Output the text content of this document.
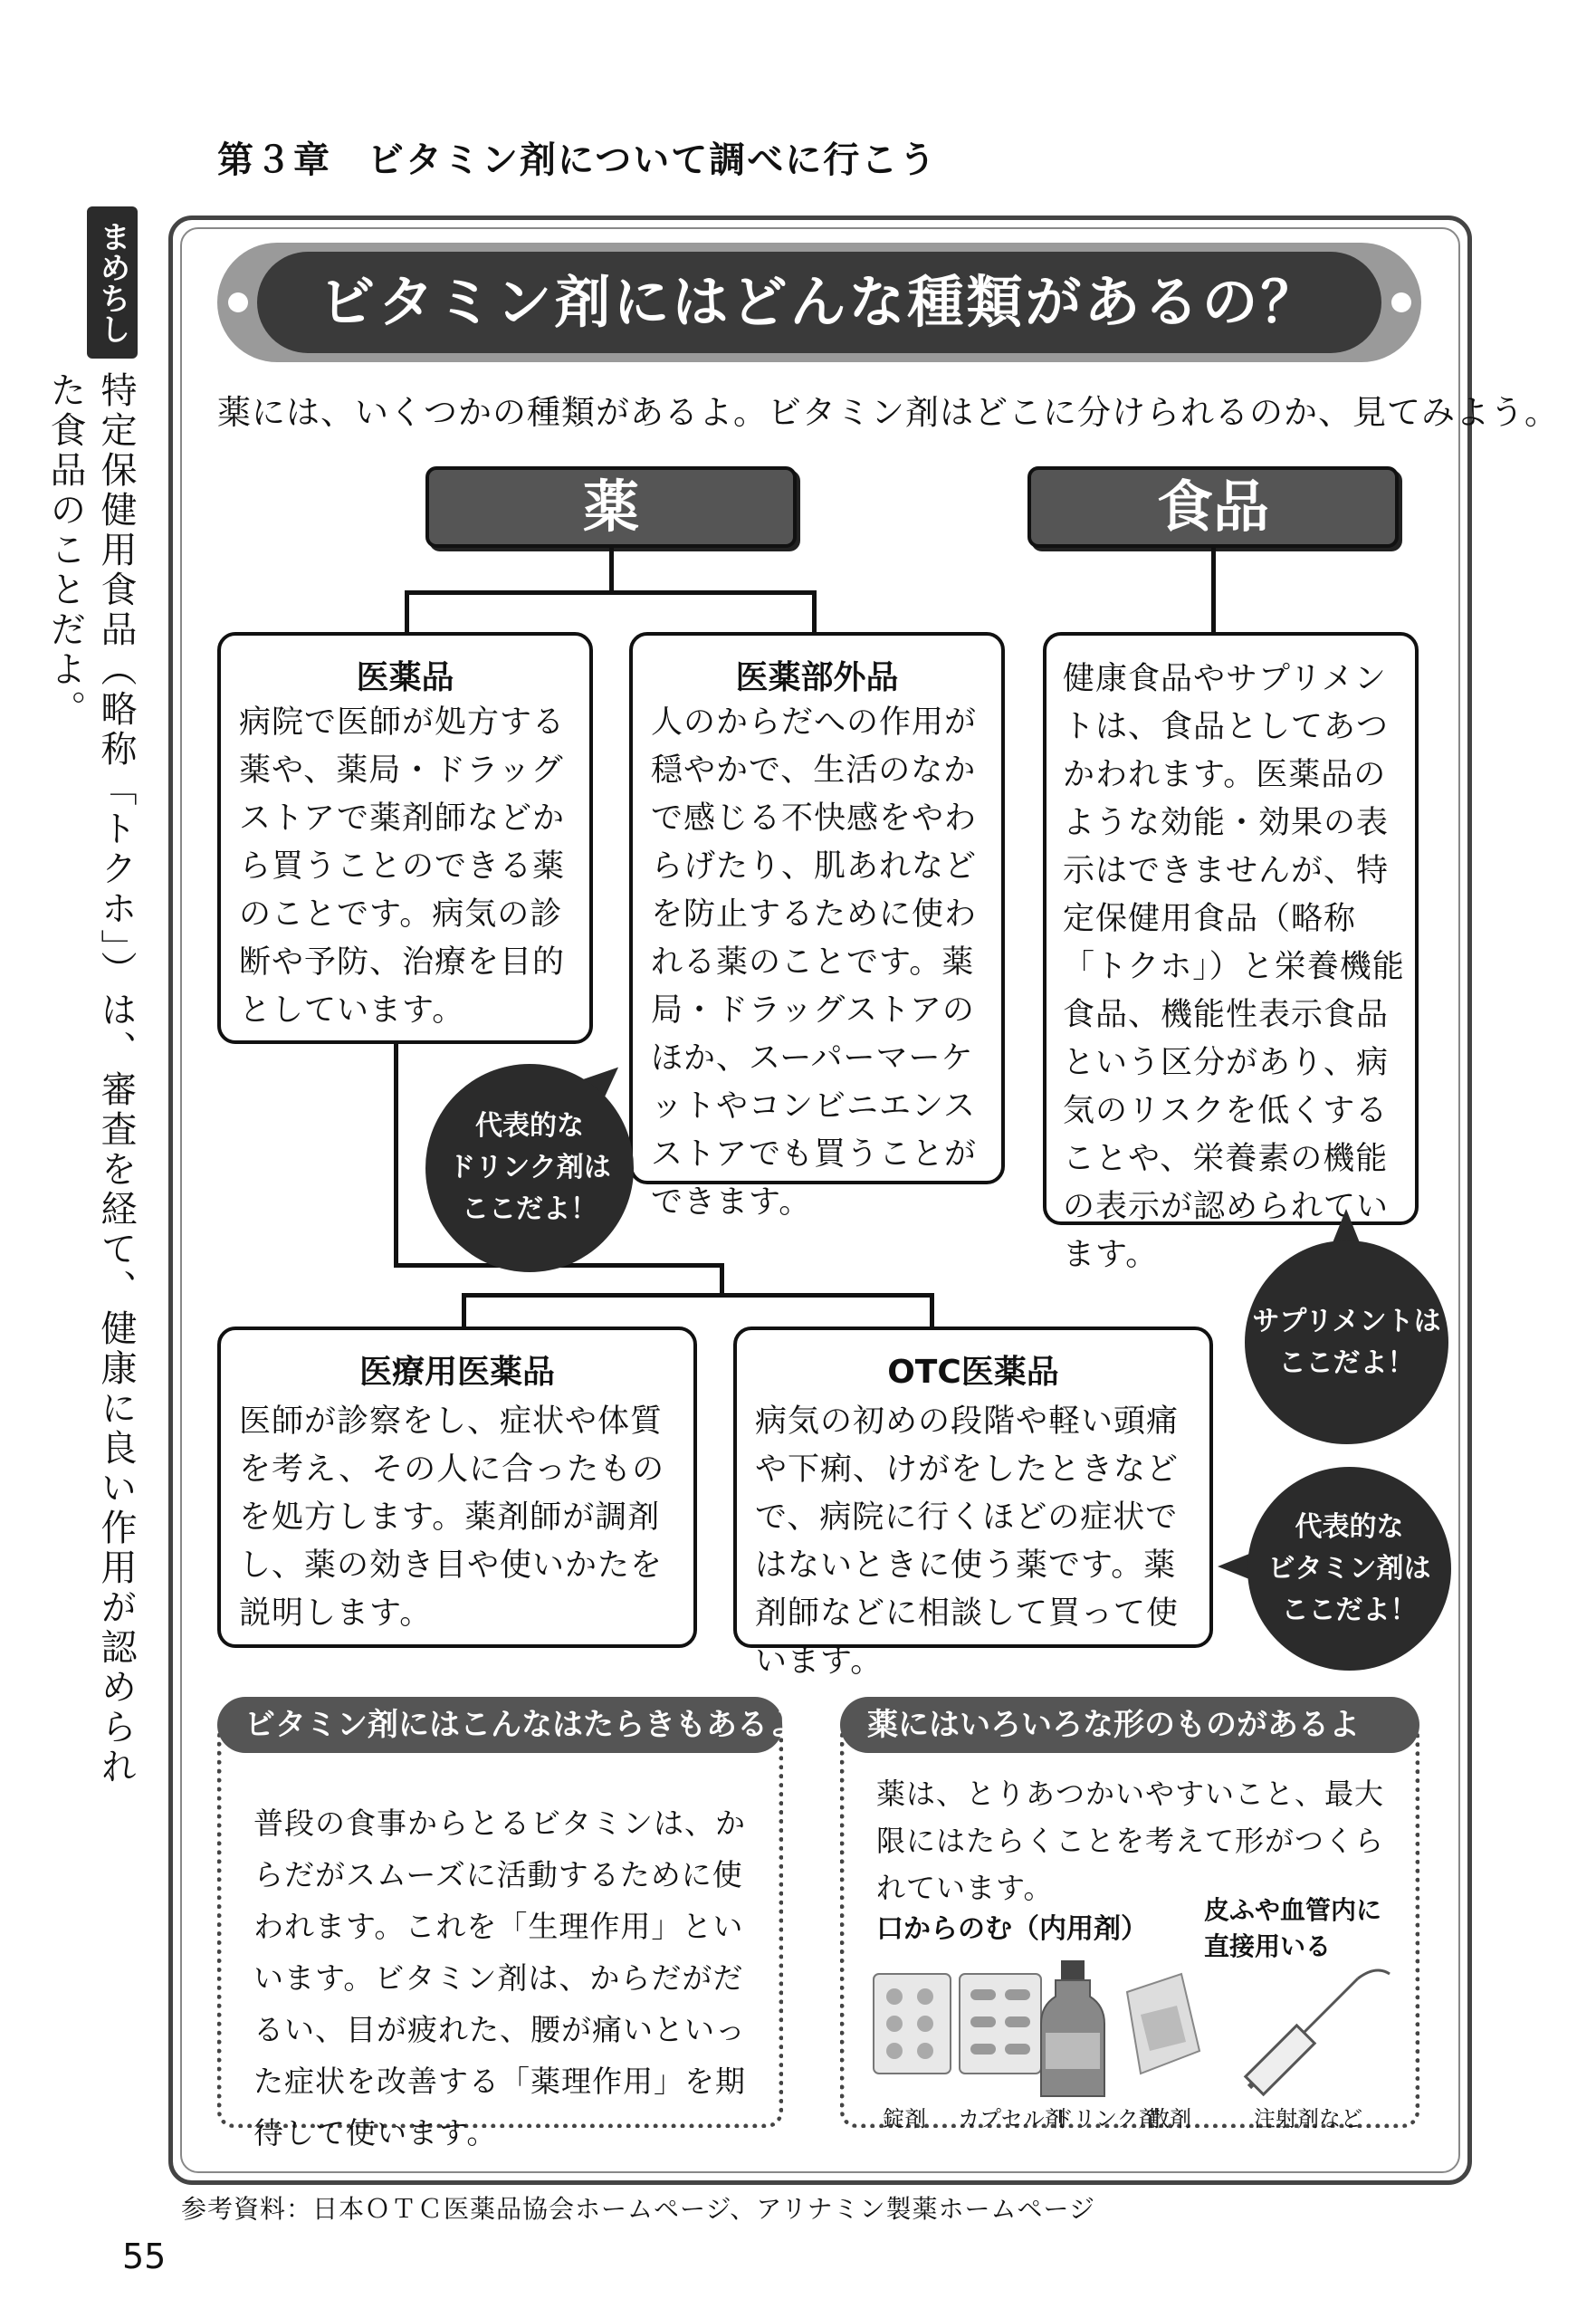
第３章 ビタミン剤について調べに行こう
まめちしき
特定保健用食品（略称「トクホ」）は、審査を経て、健康に良い作用が認められた食品のことだよ。
ビタミン剤にはどんな種類があるの？
薬には、いくつかの種類があるよ。ビタミン剤はどこに分けられるのか、見てみよう。
薬	食品
医薬品
病院で医師が処方する薬や、薬局・ドラッグストアで薬剤師などから買うことのできる薬のことです。病気の診断や予防、治療を目的としています。
医薬部外品
人のからだへの作用が穏やかで、生活のなかで感じる不快感をやわらげたり、肌あれなどを防止するために使われる薬のことです。薬局・ドラッグストアのほか、スーパーマーケットやコンビニエンスストアでも買うことができます。
健康食品やサプリメントは、食品としてあつかわれます。医薬品のような効能・効果の表示はできませんが、特定保健用食品（略称「トクホ」）と栄養機能食品、機能性表示食品という区分があり、病気のリスクを低くすることや、栄養素の機能の表示が認められています。
医療用医薬品
医師が診察をし、症状や体質を考え、その人に合ったものを処方します。薬剤師が調剤し、薬の効き目や使いかたを説明します。
OTC医薬品
病気の初めの段階や軽い頭痛や下痢、けがをしたときなどで、病院に行くほどの症状ではないときに使う薬です。薬剤師などに相談して買って使います。
代表的な
ドリンク剤は
ここだよ！
サプリメントは
ここだよ！
代表的な
ビタミン剤は
ここだよ！
ビタミン剤にはこんなはたらきもあるよ
普段の食事からとるビタミンは、からだがスムーズに活動するために使われます。これを「生理作用」といいます。ビタミン剤は、からだがだるい、目が疲れた、腰が痛いといった症状を改善する「薬理作用」を期待して使います。
薬にはいろいろな形のものがあるよ
薬は、とりあつかいやすいこと、最大限にはたらくことを考えて形がつくられています。
口からのむ（内用剤）
皮ふや血管内に直接用いる
錠剤 カプセル剤
ドリンク剤
散剤	注射剤など
参考資料：日本ＯＴＣ医薬品協会ホームページ、アリナミン製薬ホームページ
55
